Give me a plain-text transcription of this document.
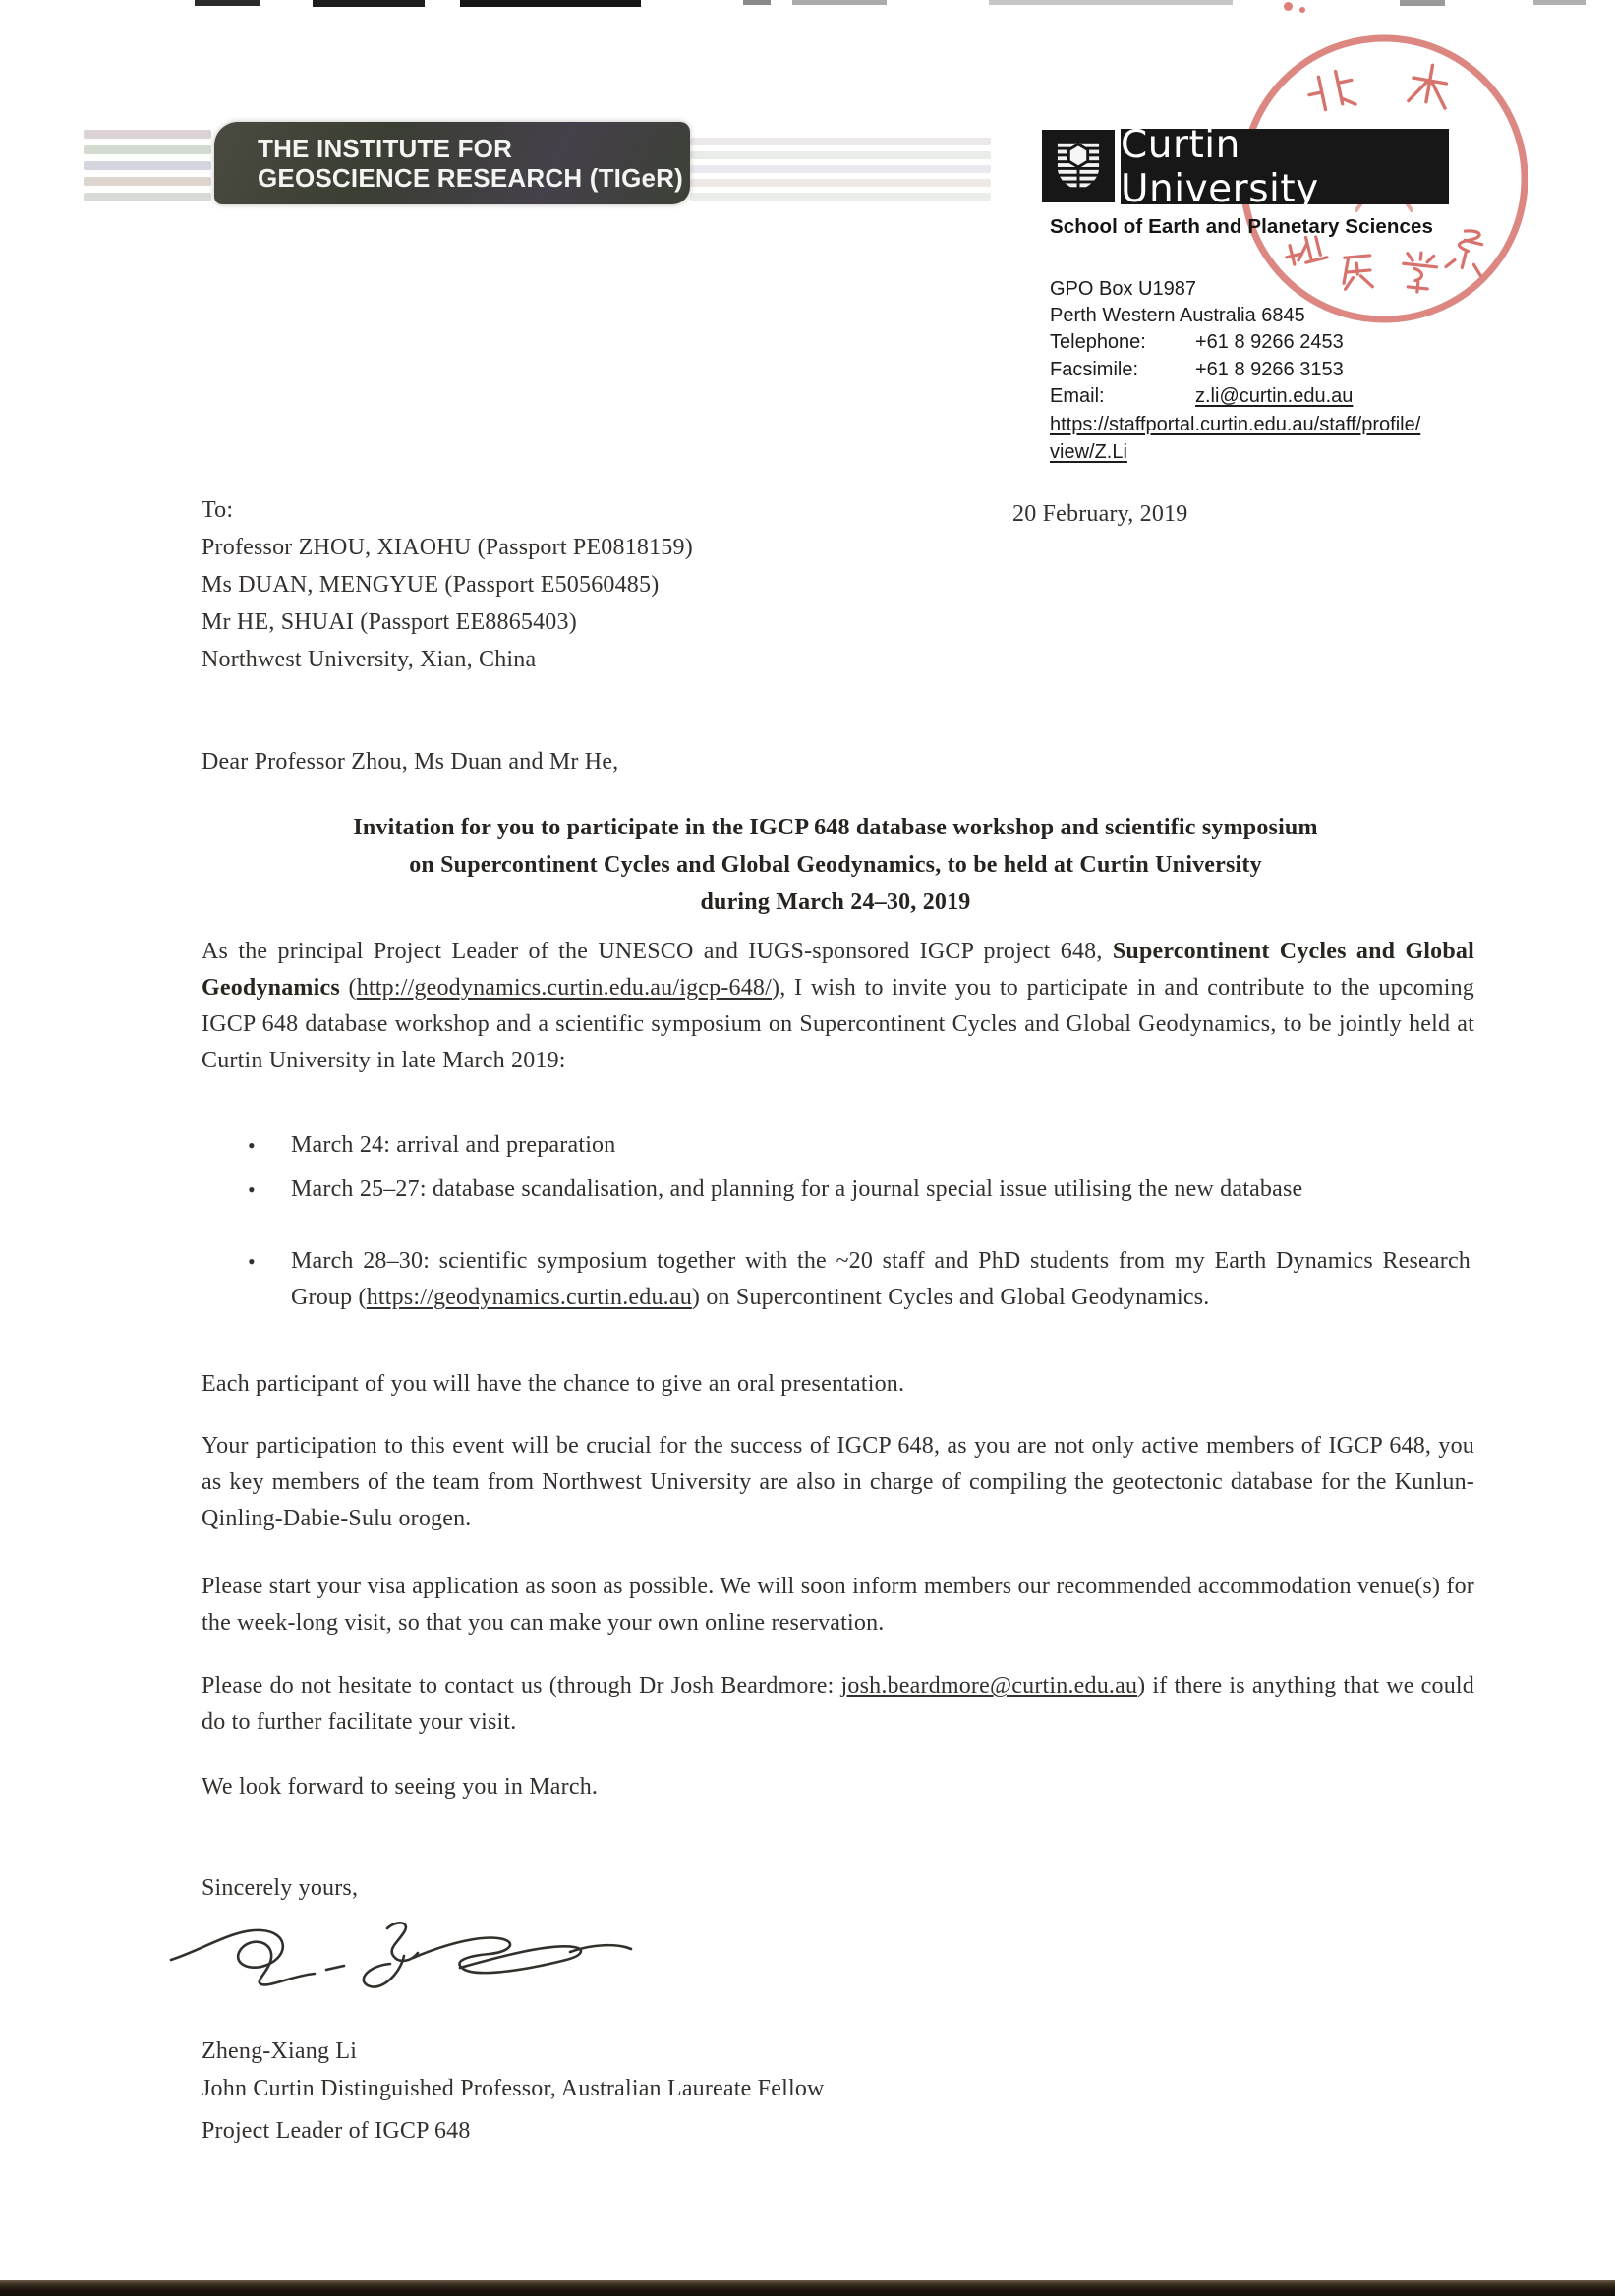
THE INSTITUTE FOR
GEOSCIENCE RESEARCH (TIGeR)
Curtin University
School of Earth and Planetary Sciences
GPO Box U1987
Perth Western Australia 6845
Telephone:	+61 8 9266 2453
Facsimile:	+61 8 9266 3153
Email:	z.li@curtin.edu.au
https://staffportal.curtin.edu.au/staff/profile/
view/Z.Li
20 February, 2019
To:
Professor ZHOU, XIAOHU (Passport PE0818159)
Ms DUAN, MENGYUE (Passport E50560485)
Mr HE, SHUAI (Passport EE8865403)
Northwest University, Xian, China
Dear Professor Zhou, Ms Duan and Mr He,
Invitation for you to participate in the IGCP 648 database workshop and scientific symposium
on Supercontinent Cycles and Global Geodynamics, to be held at Curtin University
during March 24–30, 2019
As the principal Project Leader of the UNESCO and IUGS-sponsored IGCP project 648, Supercontinent Cycles and Global Geodynamics (http://geodynamics.curtin.edu.au/igcp-648/), I wish to invite you to participate in and contribute to the upcoming IGCP 648 database workshop and a scientific symposium on Supercontinent Cycles and Global Geodynamics, to be jointly held at Curtin University in late March 2019:
•	March 24: arrival and preparation
•	March 25–27: database scandalisation, and planning for a journal special issue utilising the new database
•	March 28–30: scientific symposium together with the ~20 staff and PhD students from my Earth Dynamics Research Group (https://geodynamics.curtin.edu.au) on Supercontinent Cycles and Global Geodynamics.
Each participant of you will have the chance to give an oral presentation.
Your participation to this event will be crucial for the success of IGCP 648, as you are not only active members of IGCP 648, you as key members of the team from Northwest University are also in charge of compiling the geotectonic database for the Kunlun-Qinling-Dabie-Sulu orogen.
Please start your visa application as soon as possible. We will soon inform members our recommended accommodation venue(s) for the week-long visit, so that you can make your own online reservation.
Please do not hesitate to contact us (through Dr Josh Beardmore: josh.beardmore@curtin.edu.au) if there is anything that we could do to further facilitate your visit.
We look forward to seeing you in March.
Sincerely yours,
Zheng-Xiang Li
John Curtin Distinguished Professor, Australian Laureate Fellow
Project Leader of IGCP 648
